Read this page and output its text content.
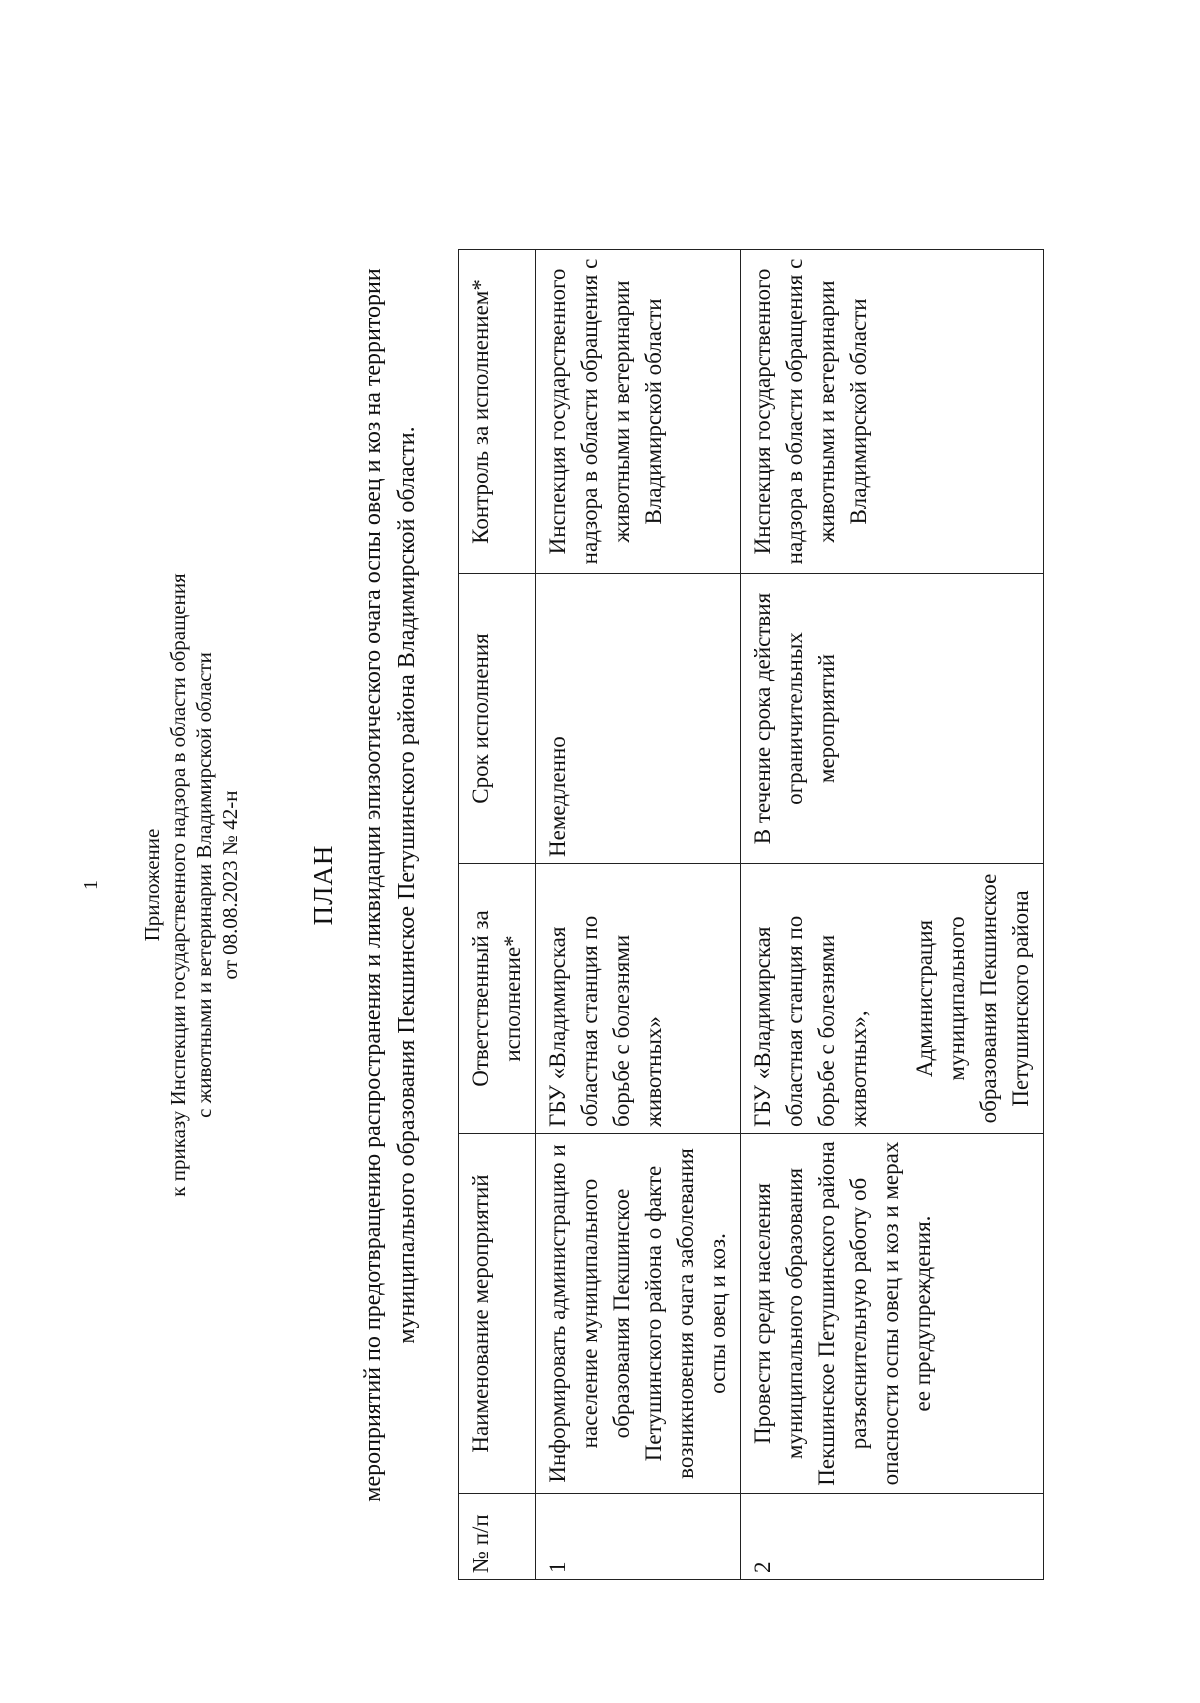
1 Приложение к приказу Инспекции государственного надзора в области обращения с животными и ветеринарии Владимирской области от 08.08.2023 № 42-н ПЛАН мероприятий по предотвращению распространения и ликвидации эпизоотического очага оспы овец и коз на территории муниципального образования Пекшинское Петушинского района Владимирской области.
№ п/п	Наименование мероприятий	Ответственный за исполнение*	Срок исполнения	Контроль за исполнением*
1	Информировать администрацию и население муниципального образования Пекшинское Петушинского района о факте возникновения очага заболевания оспы овец и коз.	ГБУ «Владимирская областная станция по борьбе с болезнями животных»	Немедленно	Инспекция государственного надзора в области обращения с животными и ветеринарии Владимирской области
2	Провести среди населения муниципального образования Пекшинское Петушинского района разъяснительную работу об опасности оспы овец и коз и мерах ее предупреждения.	ГБУ «Владимирская областная станция по борьбе с болезнями животных», Администрация муниципального образования Пекшинское Петушинского района	В течение срока действия ограничительных мероприятий	Инспекция государственного надзора в области обращения с животными и ветеринарии Владимирской области
